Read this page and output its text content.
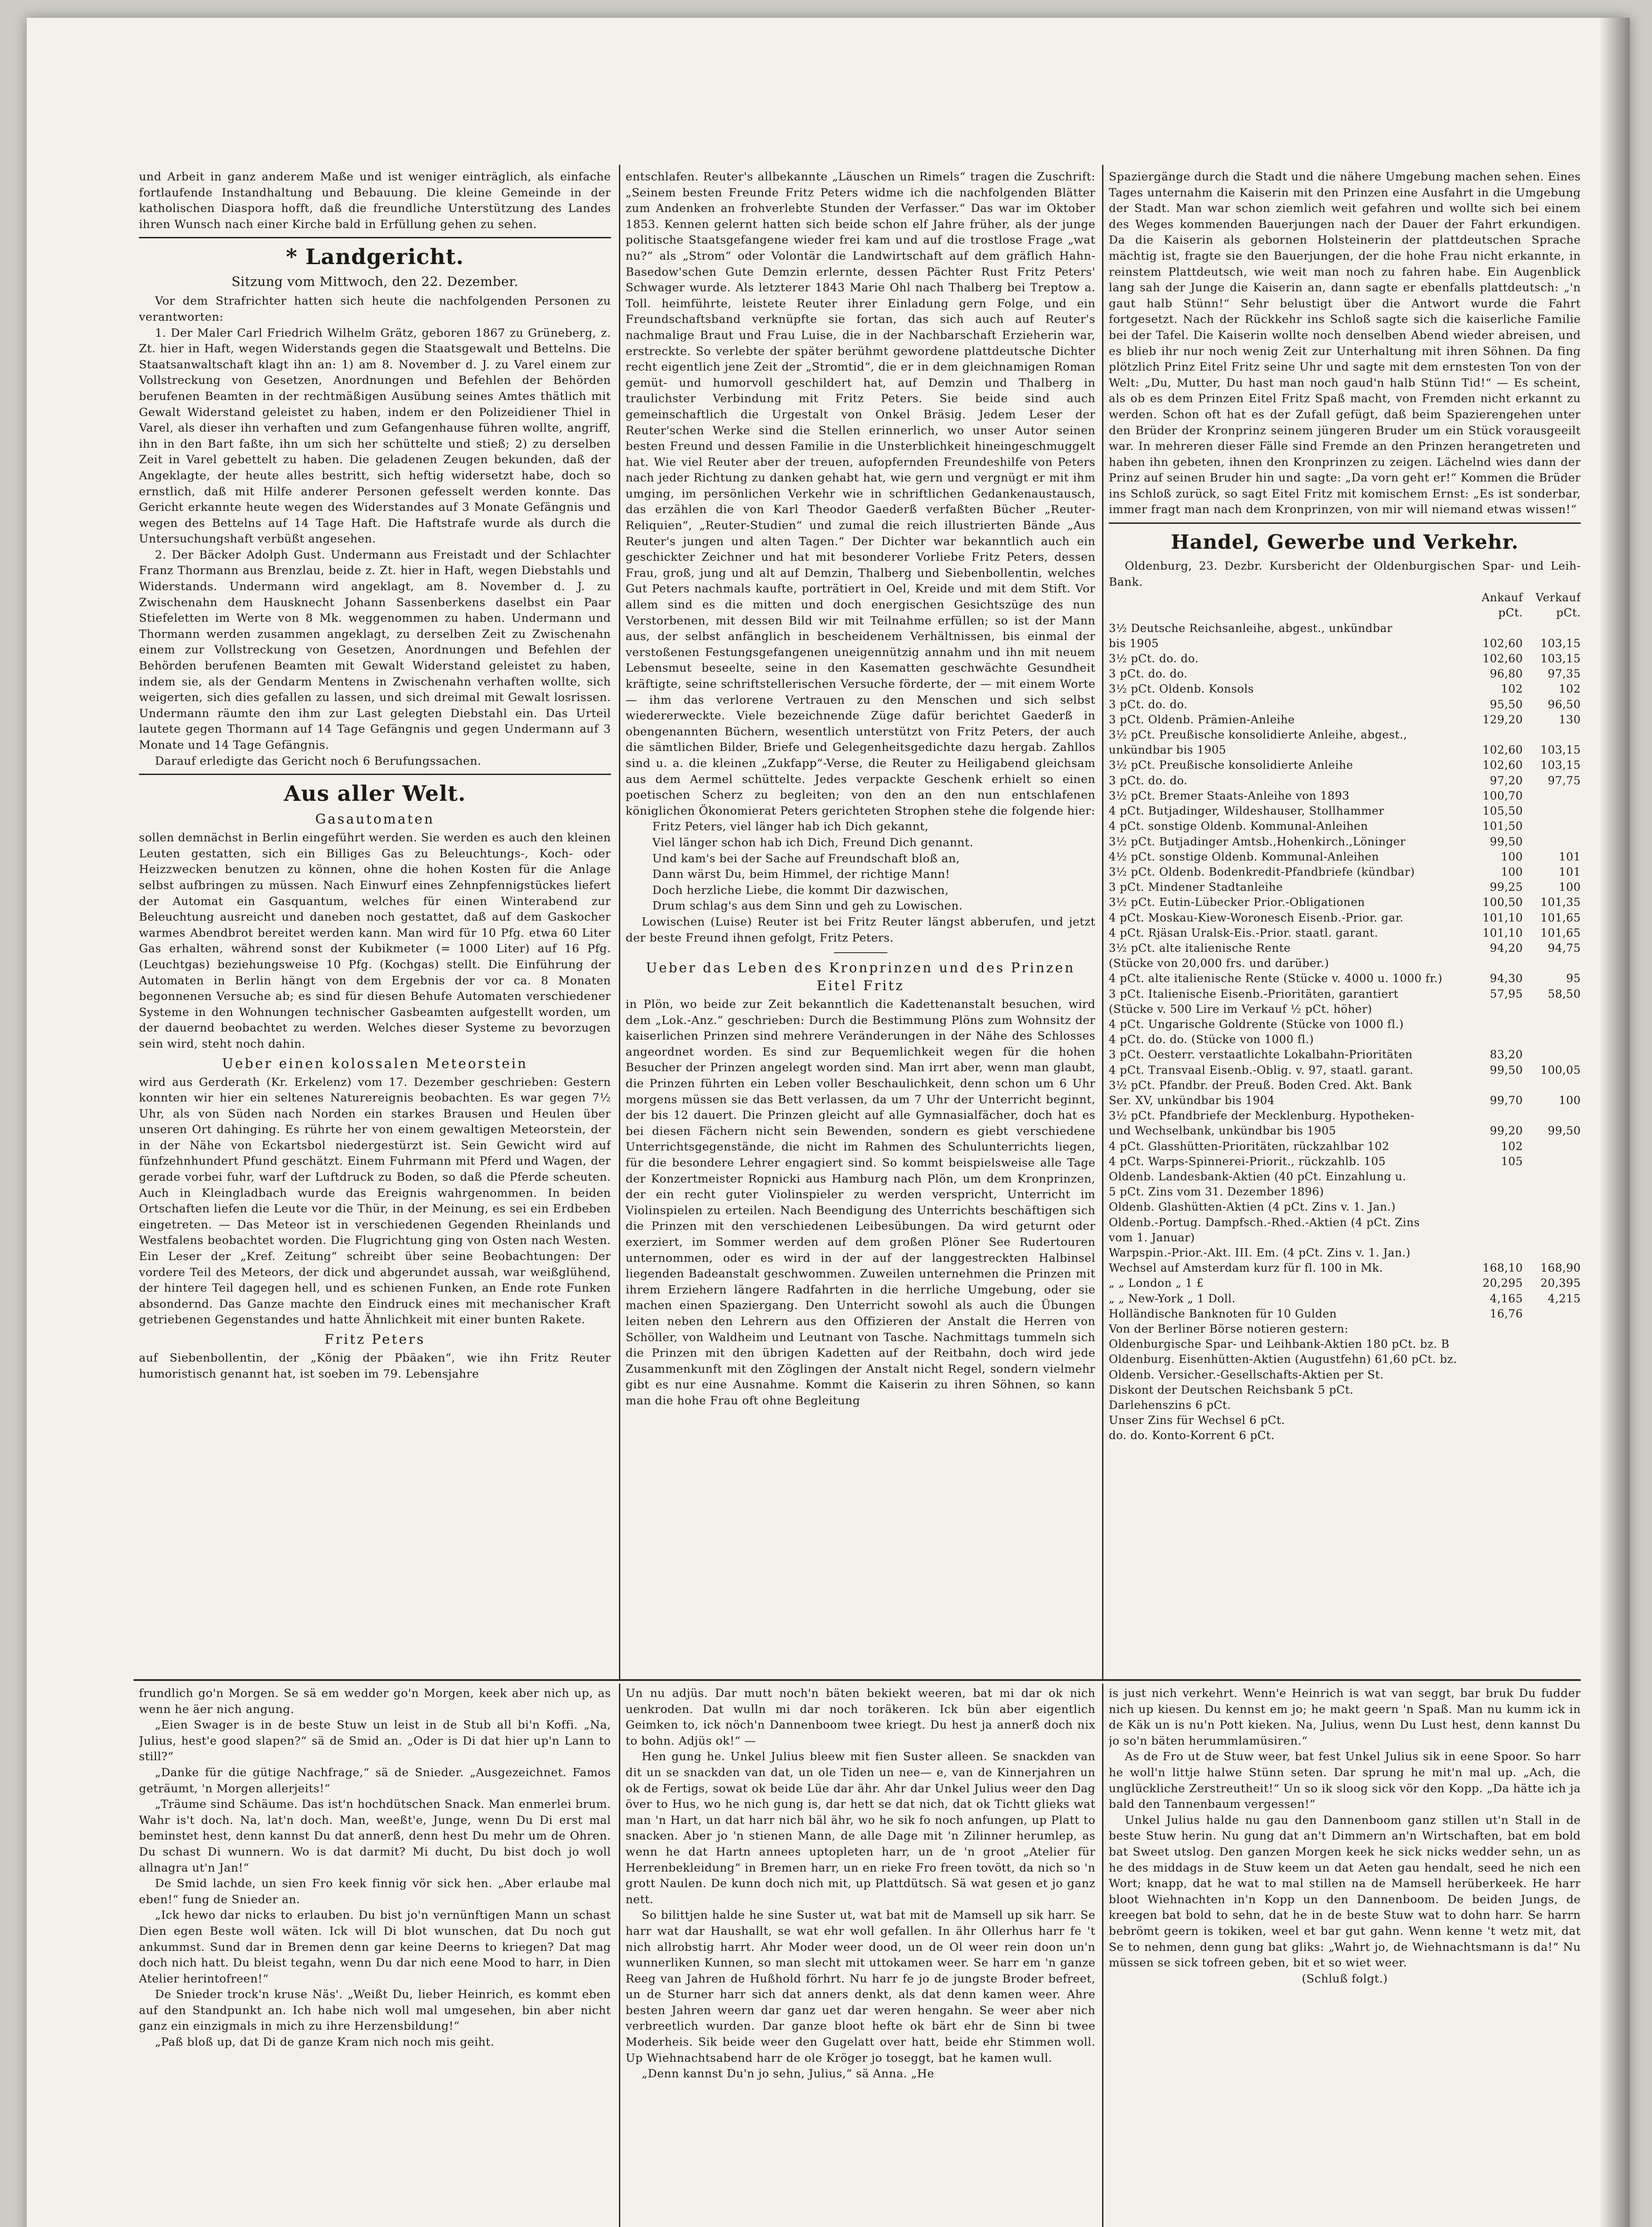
und Arbeit in ganz anderem Maße und ist weniger einträglich, als einfache fortlaufende Instandhaltung und Bebauung. Die kleine Gemeinde in der katholischen Diaspora hofft, daß die freundliche Unterstützung des Landes ihren Wunsch nach einer Kirche bald in Erfüllung gehen zu sehen.

* Landgericht.
Sitzung vom Mittwoch, den 22. Dezember.

Vor dem Strafrichter hatten sich heute die nachfolgenden Personen zu verantworten:

1. Der Maler Carl Friedrich Wilhelm Grätz, geboren 1867 zu Grüneberg, z. Zt. hier in Haft, wegen Widerstands gegen die Staatsgewalt und Bettelns. Die Staatsanwaltschaft klagt ihn an: 1) am 8. November d. J. zu Varel einem zur Vollstreckung von Gesetzen, Anordnungen und Befehlen der Behörden berufenen Beamten in der rechtmäßigen Ausübung seines Amtes thätlich mit Gewalt Widerstand geleistet zu haben, indem er den Polizeidiener Thiel in Varel, als dieser ihn verhaften und zum Gefangenhause führen wollte, angriff, ihn in den Bart faßte, ihn um sich her schüttelte und stieß; 2) zu derselben Zeit in Varel gebettelt zu haben. Die geladenen Zeugen bekunden, daß der Angeklagte, der heute alles bestritt, sich heftig widersetzt habe, doch so ernstlich, daß mit Hilfe anderer Personen gefesselt werden konnte. Das Gericht erkannte heute wegen des Widerstandes auf 3 Monate Gefängnis und wegen des Bettelns auf 14 Tage Haft. Die Haftstrafe wurde als durch die Untersuchungshaft verbüßt angesehen.

2. Der Bäcker Adolph Gust. Undermann aus Freistadt und der Schlachter Franz Thormann aus Brenzlau, beide z. Zt. hier in Haft, wegen Diebstahls und Widerstands. Undermann wird angeklagt, am 8. November d. J. zu Zwischenahn dem Hausknecht Johann Sassenberkens daselbst ein Paar Stiefeletten im Werte von 8 Mk. weggenommen zu haben. Undermann und Thormann werden zusammen angeklagt, zu derselben Zeit zu Zwischenahn einem zur Vollstreckung von Gesetzen, Anordnungen und Befehlen der Behörden berufenen Beamten mit Gewalt Widerstand geleistet zu haben, indem sie, als der Gendarm Mentens in Zwischenahn verhaften wollte, sich weigerten, sich dies gefallen zu lassen, und sich dreimal mit Gewalt losrissen. Undermann räumte den ihm zur Last gelegten Diebstahl ein. Das Urteil lautete gegen Thormann auf 14 Tage Gefängnis und gegen Undermann auf 3 Monate und 14 Tage Gefängnis.

Darauf erledigte das Gericht noch 6 Berufungssachen.

Aus aller Welt.
Gasautomaten

sollen demnächst in Berlin eingeführt werden. Sie werden es auch den kleinen Leuten gestatten, sich ein Billiges Gas zu Beleuchtungs-, Koch- oder Heizzwecken benutzen zu können, ohne die hohen Kosten für die Anlage selbst aufbringen zu müssen. Nach Einwurf eines Zehnpfennigstückes liefert der Automat ein Gasquantum, welches für einen Winterabend zur Beleuchtung ausreicht und daneben noch gestattet, daß auf dem Gaskocher warmes Abendbrot bereitet werden kann. Man wird für 10 Pfg. etwa 60 Liter Gas erhalten, während sonst der Kubikmeter (= 1000 Liter) auf 16 Pfg. (Leuchtgas) beziehungsweise 10 Pfg. (Kochgas) stellt. Die Einführung der Automaten in Berlin hängt von dem Ergebnis der vor ca. 8 Monaten begonnenen Versuche ab; es sind für diesen Behufe Automaten verschiedener Systeme in den Wohnungen technischer Gasbeamten aufgestellt worden, um der dauernd beobachtet zu werden. Welches dieser Systeme zu bevorzugen sein wird, steht noch dahin.

Ueber einen kolossalen Meteorstein

wird aus Gerderath (Kr. Erkelenz) vom 17. Dezember geschrieben: Gestern konnten wir hier ein seltenes Naturereignis beobachten. Es war gegen 7½ Uhr, als von Süden nach Norden ein starkes Brausen und Heulen über unseren Ort dahinging. Es rührte her von einem gewaltigen Meteorstein, der in der Nähe von Eckartsbol niedergestürzt ist. Sein Gewicht wird auf fünfzehnhundert Pfund geschätzt. Einem Fuhrmann mit Pferd und Wagen, der gerade vorbei fuhr, warf der Luftdruck zu Boden, so daß die Pferde scheuten. Auch in Kleingladbach wurde das Ereignis wahrgenommen. In beiden Ortschaften liefen die Leute vor die Thür, in der Meinung, es sei ein Erdbeben eingetreten. — Das Meteor ist in verschiedenen Gegenden Rheinlands und Westfalens beobachtet worden. Die Flugrichtung ging von Osten nach Westen. Ein Leser der „Kref. Zeitung“ schreibt über seine Beobachtungen: Der vordere Teil des Meteors, der dick und abgerundet aussah, war weißglühend, der hintere Teil dagegen hell, und es schienen Funken, an Ende rote Funken absondernd. Das Ganze machte den Eindruck eines mit mechanischer Kraft getriebenen Gegenstandes und hatte Ähnlichkeit mit einer bunten Rakete.

Fritz Peters

auf Siebenbollentin, der „König der Pbäaken“, wie ihn Fritz Reuter humoristisch genannt hat, ist soeben im 79. Lebensjahre

entschlafen. Reuter's allbekannte „Läuschen un Rimels“ tragen die Zuschrift: „Seinem besten Freunde Fritz Peters widme ich die nachfolgenden Blätter zum Andenken an frohverlebte Stunden der Verfasser.“ Das war im Oktober 1853. Kennen gelernt hatten sich beide schon elf Jahre früher, als der junge politische Staatsgefangene wieder frei kam und auf die trostlose Frage „wat nu?“ als „Strom“ oder Volontär die Landwirtschaft auf dem gräflich Hahn-Basedow'schen Gute Demzin erlernte, dessen Pächter Rust Fritz Peters' Schwager wurde. Als letzterer 1843 Marie Ohl nach Thalberg bei Treptow a. Toll. heimführte, leistete Reuter ihrer Einladung gern Folge, und ein Freundschaftsband verknüpfte sie fortan, das sich auch auf Reuter's nachmalige Braut und Frau Luise, die in der Nachbarschaft Erzieherin war, erstreckte. So verlebte der später berühmt gewordene plattdeutsche Dichter recht eigentlich jene Zeit der „Stromtid“, die er in dem gleichnamigen Roman gemüt- und humorvoll geschildert hat, auf Demzin und Thalberg in traulichster Verbindung mit Fritz Peters. Sie beide sind auch gemeinschaftlich die Urgestalt von Onkel Bräsig. Jedem Leser der Reuter'schen Werke sind die Stellen erinnerlich, wo unser Autor seinen besten Freund und dessen Familie in die Unsterblichkeit hineingeschmuggelt hat. Wie viel Reuter aber der treuen, aufopfernden Freundeshilfe von Peters nach jeder Richtung zu danken gehabt hat, wie gern und vergnügt er mit ihm umging, im persönlichen Verkehr wie in schriftlichen Gedankenaustausch, das erzählen die von Karl Theodor Gaederß verfaßten Bücher „Reuter-Reliquien“, „Reuter-Studien“ und zumal die reich illustrierten Bände „Aus Reuter's jungen und alten Tagen.“ Der Dichter war bekanntlich auch ein geschickter Zeichner und hat mit besonderer Vorliebe Fritz Peters, dessen Frau, groß, jung und alt auf Demzin, Thalberg und Siebenbollentin, welches Gut Peters nachmals kaufte, porträtiert in Oel, Kreide und mit dem Stift. Vor allem sind es die mitten und doch energischen Gesichtszüge des nun Verstorbenen, mit dessen Bild wir mit Teilnahme erfüllen; so ist der Mann aus, der selbst anfänglich in bescheidenem Verhältnissen, bis einmal der verstoßenen Festungsgefangenen uneigennützig annahm und ihn mit neuem Lebensmut beseelte, seine in den Kasematten geschwächte Gesundheit kräftigte, seine schriftstellerischen Versuche förderte, der — mit einem Worte — ihm das verlorene Vertrauen zu den Menschen und sich selbst wiedererweckte. Viele bezeichnende Züge dafür berichtet Gaederß in obengenannten Büchern, wesentlich unterstützt von Fritz Peters, der auch die sämtlichen Bilder, Briefe und Gelegenheitsgedichte dazu hergab. Zahllos sind u. a. die kleinen „Zukfapp“-Verse, die Reuter zu Heiligabend gleichsam aus dem Aermel schüttelte. Jedes verpackte Geschenk erhielt so einen poetischen Scherz zu begleiten; von den an den nun entschlafenen königlichen Ökonomierat Peters gerichteten Strophen stehe die folgende hier:

Fritz Peters, viel länger hab ich Dich gekannt,

Viel länger schon hab ich Dich, Freund Dich genannt.

Und kam's bei der Sache auf Freundschaft bloß an,

Dann wärst Du, beim Himmel, der richtige Mann!

Doch herzliche Liebe, die kommt Dir dazwischen,

Drum schlag's aus dem Sinn und geh zu Lowischen.

Lowischen (Luise) Reuter ist bei Fritz Reuter längst abberufen, und jetzt der beste Freund ihnen gefolgt, Fritz Peters.

Ueber das Leben des Kronprinzen und des Prinzen Eitel Fritz

in Plön, wo beide zur Zeit bekanntlich die Kadettenanstalt besuchen, wird dem „Lok.-Anz.“ geschrieben: Durch die Bestimmung Plöns zum Wohnsitz der kaiserlichen Prinzen sind mehrere Veränderungen in der Nähe des Schlosses angeordnet worden. Es sind zur Bequemlichkeit wegen für die hohen Besucher der Prinzen angelegt worden sind. Man irrt aber, wenn man glaubt, die Prinzen führten ein Leben voller Beschaulichkeit, denn schon um 6 Uhr morgens müssen sie das Bett verlassen, da um 7 Uhr der Unterricht beginnt, der bis 12 dauert. Die Prinzen gleicht auf alle Gymnasialfächer, doch hat es bei diesen Fächern nicht sein Bewenden, sondern es giebt verschiedene Unterrichtsgegenstände, die nicht im Rahmen des Schulunterrichts liegen, für die besondere Lehrer engagiert sind. So kommt beispielsweise alle Tage der Konzertmeister Ropnicki aus Hamburg nach Plön, um dem Kronprinzen, der ein recht guter Violinspieler zu werden verspricht, Unterricht im Violinspielen zu erteilen. Nach Beendigung des Unterrichts beschäftigen sich die Prinzen mit den verschiedenen Leibesübungen. Da wird geturnt oder exerziert, im Sommer werden auf dem großen Plöner See Rudertouren unternommen, oder es wird in der auf der langgestreckten Halbinsel liegenden Badeanstalt geschwommen. Zuweilen unternehmen die Prinzen mit ihrem Erziehern längere Radfahrten in die herrliche Umgebung, oder sie machen einen Spaziergang. Den Unterricht sowohl als auch die Übungen leiten neben den Lehrern aus den Offizieren der Anstalt die Herren von Schöller, von Waldheim und Leutnant von Tasche. Nachmittags tummeln sich die Prinzen mit den übrigen Kadetten auf der Reitbahn, doch wird jede Zusammenkunft mit den Zöglingen der Anstalt nicht Regel, sondern vielmehr gibt es nur eine Ausnahme. Kommt die Kaiserin zu ihren Söhnen, so kann man die hohe Frau oft ohne Begleitung

Spaziergänge durch die Stadt und die nähere Umgebung machen sehen. Eines Tages unternahm die Kaiserin mit den Prinzen eine Ausfahrt in die Umgebung der Stadt. Man war schon ziemlich weit gefahren und wollte sich bei einem des Weges kommenden Bauerjungen nach der Dauer der Fahrt erkundigen. Da die Kaiserin als gebornen Holsteinerin der plattdeutschen Sprache mächtig ist, fragte sie den Bauerjungen, der die hohe Frau nicht erkannte, in reinstem Plattdeutsch, wie weit man noch zu fahren habe. Ein Augenblick lang sah der Junge die Kaiserin an, dann sagte er ebenfalls plattdeutsch: „'n gaut halb Stünn!“ Sehr belustigt über die Antwort wurde die Fahrt fortgesetzt. Nach der Rückkehr ins Schloß sagte sich die kaiserliche Familie bei der Tafel. Die Kaiserin wollte noch denselben Abend wieder abreisen, und es blieb ihr nur noch wenig Zeit zur Unterhaltung mit ihren Söhnen. Da fing plötzlich Prinz Eitel Fritz seine Uhr und sagte mit dem ernstesten Ton von der Welt: „Du, Mutter, Du hast man noch gaud'n halb Stünn Tid!“ — Es scheint, als ob es dem Prinzen Eitel Fritz Spaß macht, von Fremden nicht erkannt zu werden. Schon oft hat es der Zufall gefügt, daß beim Spazierengehen unter den Brüder der Kronprinz seinem jüngeren Bruder um ein Stück vorausgeeilt war. In mehreren dieser Fälle sind Fremde an den Prinzen herangetreten und haben ihn gebeten, ihnen den Kronprinzen zu zeigen. Lächelnd wies dann der Prinz auf seinen Bruder hin und sagte: „Da vorn geht er!“ Kommen die Brüder ins Schloß zurück, so sagt Eitel Fritz mit komischem Ernst: „Es ist sonderbar, immer fragt man nach dem Kronprinzen, von mir will niemand etwas wissen!“

Handel, Gewerbe und Verkehr.

Oldenburg, 23. Dezbr. Kursbericht der Oldenburgischen Spar- und Leih-Bank.

	Ankauf	Verkauf
	pCt.	pCt.
3½ Deutsche Reichsanleihe, abgest., unkündbar		
bis 1905	102,60	103,15
3½ pCt. do. do.	102,60	103,15
3 pCt. do. do.	96,80	97,35
3½ pCt. Oldenb. Konsols	102	102
3 pCt. do. do.	95,50	96,50
3 pCt. Oldenb. Prämien-Anleihe	129,20	130
3½ pCt. Preußische konsolidierte Anleihe, abgest.,		
unkündbar bis 1905	102,60	103,15
3½ pCt. Preußische konsolidierte Anleihe	102,60	103,15
3 pCt. do. do.	97,20	97,75
3½ pCt. Bremer Staats-Anleihe von 1893	100,70	
4 pCt. Butjadinger, Wildeshauser, Stollhammer	105,50	
4 pCt. sonstige Oldenb. Kommunal-Anleihen	101,50	
3½ pCt. Butjadinger Amtsb.,Hohenkirch.,Löninger	99,50	
4½ pCt. sonstige Oldenb. Kommunal-Anleihen	100	101
3½ pCt. Oldenb. Bodenkredit-Pfandbriefe (kündbar)	100	101
3 pCt. Mindener Stadtanleihe	99,25	100
3½ pCt. Eutin-Lübecker Prior.-Obligationen	100,50	101,35
4 pCt. Moskau-Kiew-Woronesch Eisenb.-Prior. gar.	101,10	101,65
4 pCt. Rjäsan Uralsk-Eis.-Prior. staatl. garant.	101,10	101,65
3½ pCt. alte italienische Rente	94,20	94,75
(Stücke von 20,000 frs. und darüber.)		
4 pCt. alte italienische Rente (Stücke v. 4000 u. 1000 fr.)	94,30	95
3 pCt. Italienische Eisenb.-Prioritäten, garantiert	57,95	58,50
(Stücke v. 500 Lire im Verkauf ½ pCt. höher)		
4 pCt. Ungarische Goldrente (Stücke von 1000 fl.)		
4 pCt. do. do. (Stücke von 1000 fl.)		
3 pCt. Oesterr. verstaatlichte Lokalbahn-Prioritäten	83,20	
4 pCt. Transvaal Eisenb.-Oblig. v. 97, staatl. garant.	99,50	100,05
3½ pCt. Pfandbr. der Preuß. Boden Cred. Akt. Bank		
Ser. XV, unkündbar bis 1904	99,70	100
3½ pCt. Pfandbriefe der Mecklenburg. Hypotheken-		
und Wechselbank, unkündbar bis 1905	99,20	99,50
4 pCt. Glasshütten-Prioritäten, rückzahlbar 102	102	
4 pCt. Warps-Spinnerei-Priorit., rückzahlb. 105	105	
Oldenb. Landesbank-Aktien (40 pCt. Einzahlung u.		
5 pCt. Zins vom 31. Dezember 1896)		
Oldenb. Glashütten-Aktien (4 pCt. Zins v. 1. Jan.)		
Oldenb.-Portug. Dampfsch.-Rhed.-Aktien (4 pCt. Zins		
vom 1. Januar)		
Warpspin.-Prior.-Akt. III. Em. (4 pCt. Zins v. 1. Jan.)		
Wechsel auf Amsterdam kurz für fl. 100 in Mk.	168,10	168,90
„ „ London „ 1 £	20,295	20,395
„ „ New-York „ 1 Doll.	4,165	4,215
Holländische Banknoten für 10 Gulden	16,76	
Von der Berliner Börse notieren gestern:		
Oldenburgische Spar- und Leihbank-Aktien 180 pCt. bz. B		
Oldenburg. Eisenhütten-Aktien (Augustfehn) 61,60 pCt. bz.		
Oldenb. Versicher.-Gesellschafts-Aktien per St.		
Diskont der Deutschen Reichsbank 5 pCt.		
Darlehenszins 6 pCt.		
Unser Zins für Wechsel 6 pCt.		
do. do. Konto-Korrent 6 pCt.		

frundlich go'n Morgen. Se sä em wedder go'n Morgen, keek aber nich up, as wenn he äer nich angung.

„Eien Swager is in de beste Stuw un leist in de Stub all bi'n Koffi. „Na, Julius, hest'e good slapen?“ sä de Smid an. „Oder is Di dat hier up'n Lann to still?“

„Danke für die gütige Nachfrage,“ sä de Snieder. „Ausgezeichnet. Famos geträumt, 'n Morgen allerjeits!“

„Träume sind Schäume. Das ist'n hochdütschen Snack. Man enmerlei brum. Wahr is't doch. Na, lat'n doch. Man, weeßt'e, Junge, wenn Du Di erst mal beminstet hest, denn kannst Du dat annerß, denn hest Du mehr um de Ohren. Du schast Di wunnern. Wo is dat darmit? Mi ducht, Du bist doch jo woll allnagra ut'n Jan!“

De Smid lachde, un sien Fro keek finnig vör sick hen. „Aber erlaube mal eben!“ fung de Snieder an.

„Ick hewo dar nicks to erlauben. Du bist jo'n vernünftigen Mann un schast Dien egen Beste woll wäten. Ick will Di blot wunschen, dat Du noch gut ankummst. Sund dar in Bremen denn gar keine Deerns to kriegen? Dat mag doch nich hatt. Du bleist tegahn, wenn Du dar nich eene Mood to harr, in Dien Atelier herintofreen!“

De Snieder trock'n kruse Näs'. „Weißt Du, lieber Heinrich, es kommt eben auf den Standpunkt an. Ich habe nich woll mal umgesehen, bin aber nicht ganz ein einzigmals in mich zu ihre Herzensbildung!“

„Paß bloß up, dat Di de ganze Kram nich noch mis geiht.

Un nu adjüs. Dar mutt noch'n bäten bekiekt weeren, bat mi dar ok nich uenkroden. Dat wulln mi dar noch toräkeren. Ick bün aber eigentlich Geimken to, ick nöch'n Dannenboom twee kriegt. Du hest ja annerß doch nix to bohn. Adjüs ok!“ —

Hen gung he. Unkel Julius bleew mit fien Suster alleen. Se snackden van dit un se snackden van dat, un ole Tiden un nee— e, van de Kinnerjahren un ok de Fertigs, sowat ok beide Lüe dar ähr. Ahr dar Unkel Julius weer den Dag över to Hus, wo he nich gung is, dar hett se dat nich, dat ok Tichtt glieks wat man 'n Hart, un dat harr nich bäl ähr, wo he sik fo noch anfungen, up Platt to snacken. Aber jo 'n stienen Mann, de alle Dage mit 'n Zilinner herumlep, as wenn he dat Hartn annees uptopleten harr, un de 'n groot „Atelier für Herrenbekleidung“ in Bremen harr, un en rieke Fro freen tovött, da nich so 'n grott Naulen. De kunn doch nich mit, up Plattdütsch. Sä wat gesen et jo ganz nett.

So bilittjen halde he sine Suster ut, wat bat mit de Mamsell up sik harr. Se harr wat dar Haushallt, se wat ehr woll gefallen. In ähr Ollerhus harr fe 't nich allrobstig harrt. Ahr Moder weer dood, un de Ol weer rein doon un'n wunnerliken Kunnen, so man slecht mit uttokamen weer. Se harr em 'n ganze Reeg van Jahren de Hußhold förhrt. Nu harr fe jo de jungste Broder befreet, un de Sturner harr sich dat anners denkt, als dat denn kamen weer. Ahre besten Jahren weern dar ganz uet dar weren hengahn. Se weer aber nich verbreetlich wurden. Dar ganze bloot hefte ok bärt ehr de Sinn bi twee Moderheis. Sik beide weer den Gugelatt over hatt, beide ehr Stimmen woll. Up Wiehnachtsabend harr de ole Kröger jo toseggt, bat he kamen wull.

„Denn kannst Du'n jo sehn, Julius,“ sä Anna. „He

is just nich verkehrt. Wenn'e Heinrich is wat van seggt, bar bruk Du fudder nich up kiesen. Du kennst em jo; he makt geern 'n Spaß. Man nu kumm ick in de Käk un is nu'n Pott kieken. Na, Julius, wenn Du Lust hest, denn kannst Du jo so'n bäten herummlamüsiren.“

As de Fro ut de Stuw weer, bat fest Unkel Julius sik in eene Spoor. So harr he woll'n littje halwe Stünn seten. Dar sprung he mit'n mal up. „Ach, die unglückliche Zerstreutheit!“ Un so ik sloog sick vör den Kopp. „Da hätte ich ja bald den Tannenbaum vergessen!“

Unkel Julius halde nu gau den Dannenboom ganz stillen ut'n Stall in de beste Stuw herin. Nu gung dat an't Dimmern an'n Wirtschaften, bat em bold bat Sweet utslog. Den ganzen Morgen keek he sick nicks wedder sehn, un as he des middags in de Stuw keem un dat Aeten gau hendalt, seed he nich een Wort; knapp, dat he wat to mal stillen na de Mamsell herüberkeek. He harr bloot Wiehnachten in'n Kopp un den Dannenboom. De beiden Jungs, de kreegen bat bold to sehn, dat he in de beste Stuw wat to dohn harr. Se harrn bebrömt geern is tokiken, weel et bar gut gahn. Wenn kenne 't wetz mit, dat Se to nehmen, denn gung bat gliks: „Wahrt jo, de Wiehnachtsmann is da!“ Nu müssen se sick tofreen geben, bit et so wiet weer.

(Schluß folgt.)
